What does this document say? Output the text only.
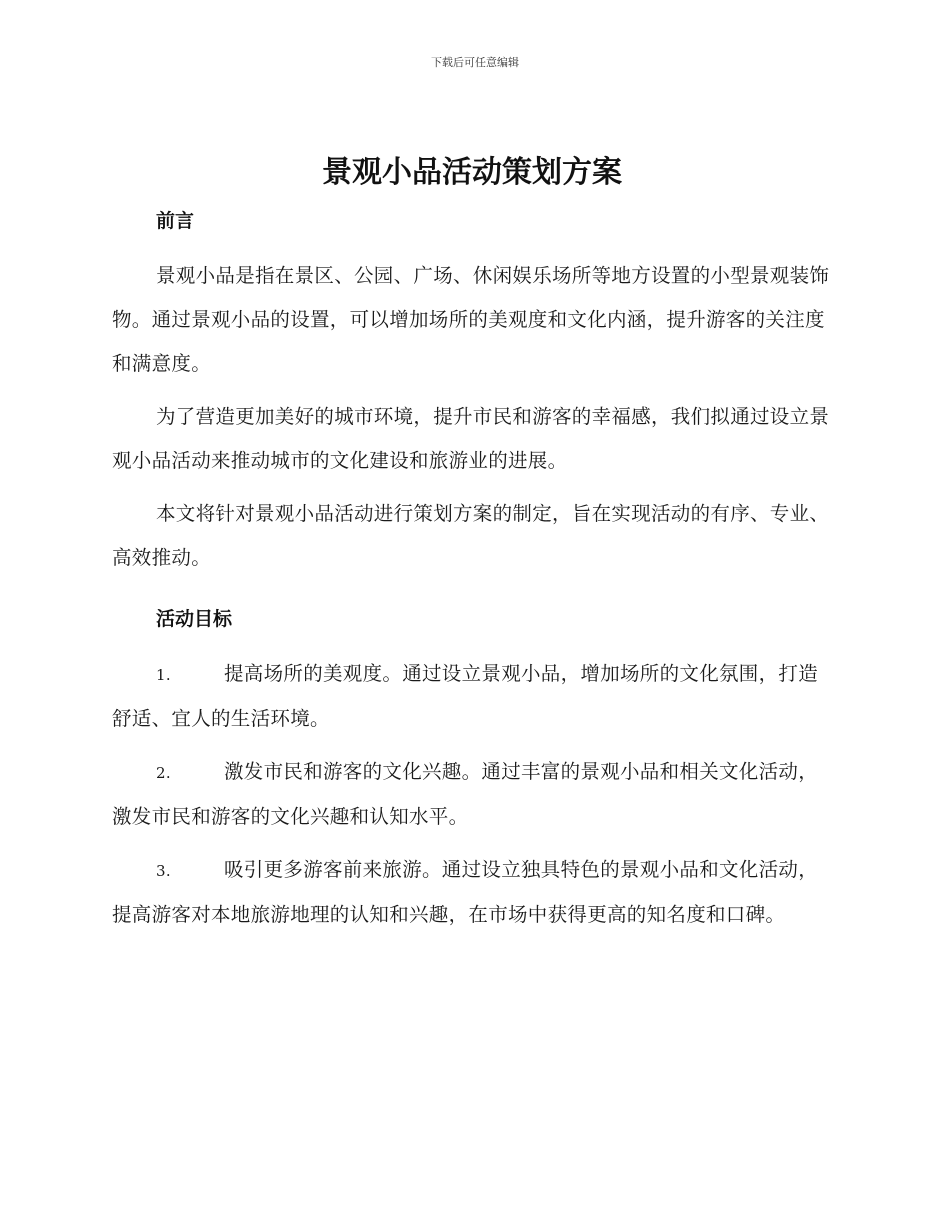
下载后可任意编辑
景观小品活动策划方案
前言

景观小品是指在景区、公园、广场、休闲娱乐场所等地方设置的小型景观装饰物。通过景观小品的设置，可以增加场所的美观度和文化内涵，提升游客的关注度和满意度。

为了营造更加美好的城市环境，提升市民和游客的幸福感，我们拟通过设立景观小品活动来推动城市的文化建设和旅游业的进展。

本文将针对景观小品活动进行策划方案的制定，旨在实现活动的有序、专业、高效推动。

活动目标

1.	提高场所的美观度。通过设立景观小品，增加场所的文化氛围，打造舒适、宜人的生活环境。

2.	激发市民和游客的文化兴趣。通过丰富的景观小品和相关文化活动，激发市民和游客的文化兴趣和认知水平。

3.	吸引更多游客前来旅游。通过设立独具特色的景观小品和文化活动，提高游客对本地旅游地理的认知和兴趣，在市场中获得更高的知名度和口碑。
